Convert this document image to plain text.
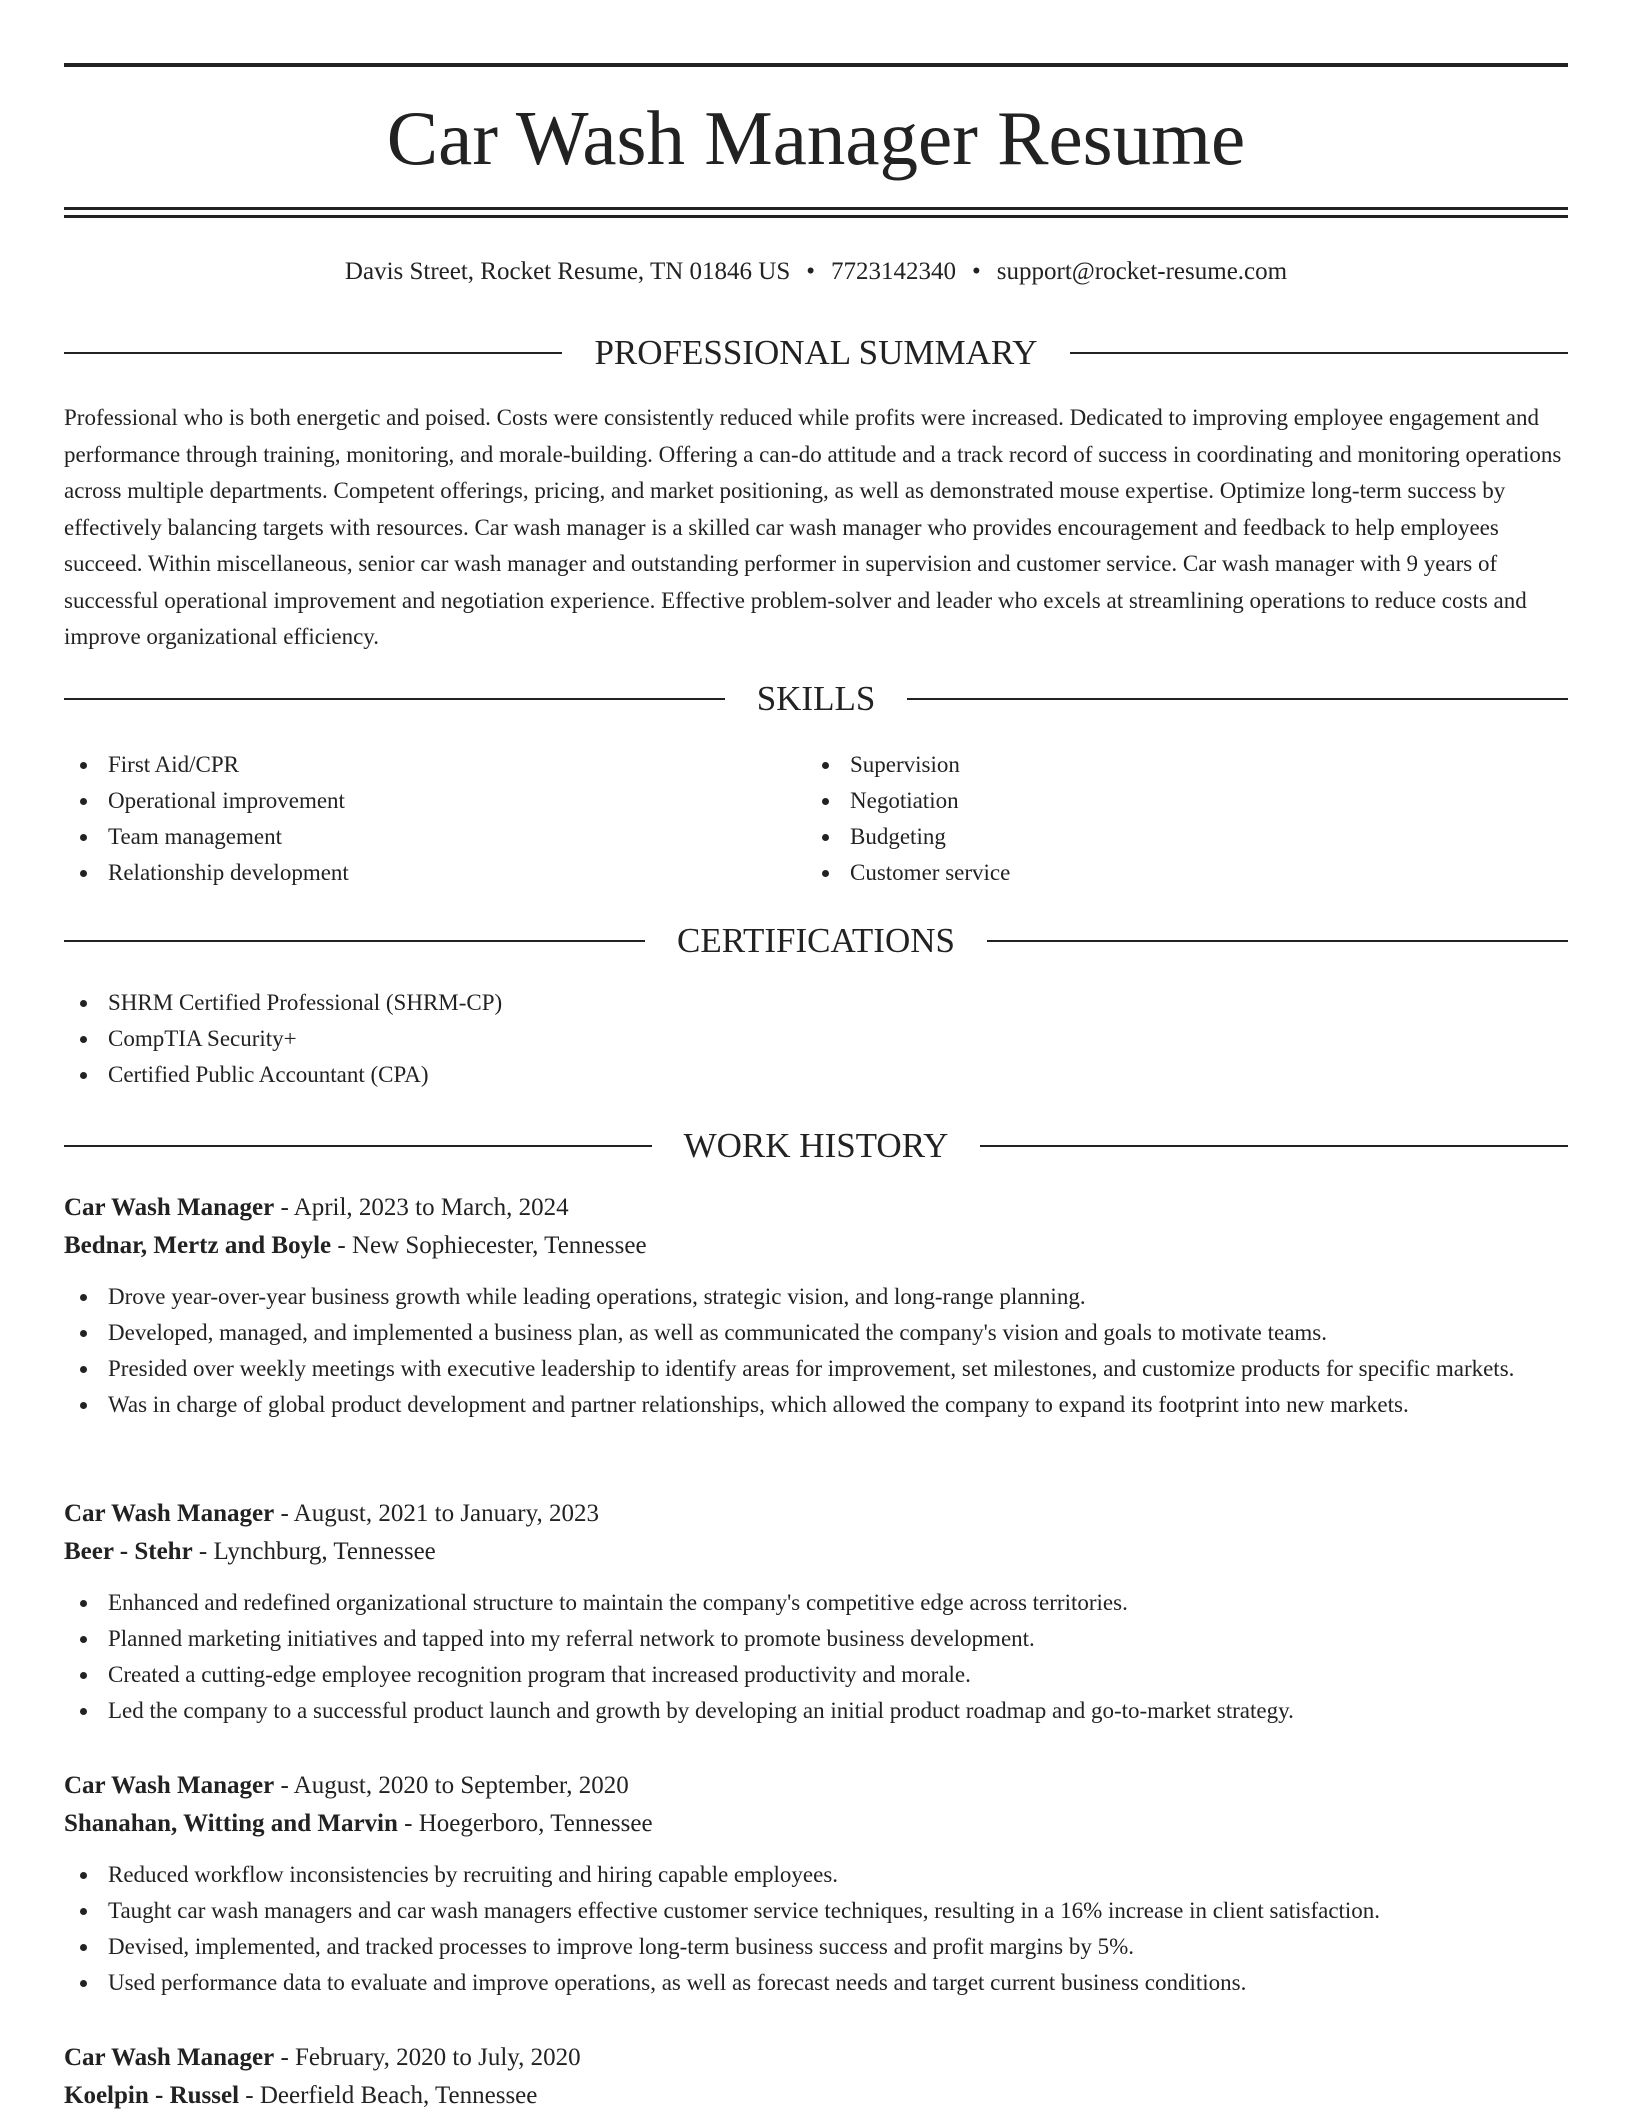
Car Wash Manager Resume
Davis Street, Rocket Resume, TN 01846 US • 7723142340 • support@rocket-resume.com
PROFESSIONAL SUMMARY

Professional who is both energetic and poised. Costs were consistently reduced while profits were increased. Dedicated to improving employee engagement and performance through training, monitoring, and morale-building. Offering a can-do attitude and a track record of success in coordinating and monitoring operations across multiple departments. Competent offerings, pricing, and market positioning, as well as demonstrated mouse expertise. Optimize long-term success by effectively balancing targets with resources. Car wash manager is a skilled car wash manager who provides encouragement and feedback to help employees succeed. Within miscellaneous, senior car wash manager and outstanding performer in supervision and customer service. Car wash manager with 9 years of successful operational improvement and negotiation experience. Effective problem-solver and leader who excels at streamlining operations to reduce costs and improve organizational efficiency.

SKILLS
First Aid/CPR
Operational improvement
Team management
Relationship development
Supervision
Negotiation
Budgeting
Customer service
CERTIFICATIONS
SHRM Certified Professional (SHRM-CP)
CompTIA Security+
Certified Public Accountant (CPA)
WORK HISTORY
Car Wash Manager - April, 2023 to March, 2024
Bednar, Mertz and Boyle - New Sophiecester, Tennessee
Drove year-over-year business growth while leading operations, strategic vision, and long-range planning.
Developed, managed, and implemented a business plan, as well as communicated the company's vision and goals to motivate teams.
Presided over weekly meetings with executive leadership to identify areas for improvement, set milestones, and customize products for specific markets.
Was in charge of global product development and partner relationships, which allowed the company to expand its footprint into new markets.
Car Wash Manager - August, 2021 to January, 2023
Beer - Stehr - Lynchburg, Tennessee
Enhanced and redefined organizational structure to maintain the company's competitive edge across territories.
Planned marketing initiatives and tapped into my referral network to promote business development.
Created a cutting-edge employee recognition program that increased productivity and morale.
Led the company to a successful product launch and growth by developing an initial product roadmap and go-to-market strategy.
Car Wash Manager - August, 2020 to September, 2020
Shanahan, Witting and Marvin - Hoegerboro, Tennessee
Reduced workflow inconsistencies by recruiting and hiring capable employees.
Taught car wash managers and car wash managers effective customer service techniques, resulting in a 16% increase in client satisfaction.
Devised, implemented, and tracked processes to improve long-term business success and profit margins by 5%.
Used performance data to evaluate and improve operations, as well as forecast needs and target current business conditions.
Car Wash Manager - February, 2020 to July, 2020
Koelpin - Russel - Deerfield Beach, Tennessee
